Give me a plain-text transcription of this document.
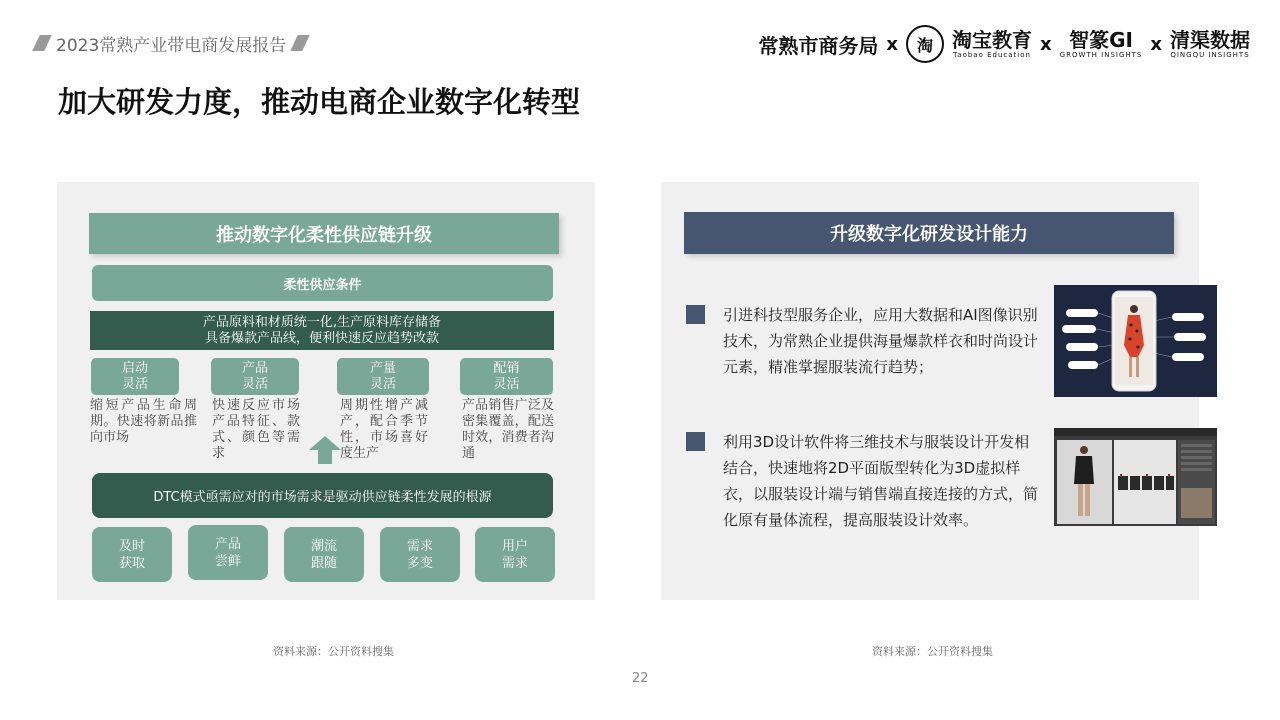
2023常熟产业带电商发展报告	常熟市商务局 x	淘 淘宝教育
Taobao Education x 智篆GI
GROWTH INSIGHTS x 清渠数据
QINGQU INSIGHTS
加大研发力度，推动电商企业数字化转型
推动数字化柔性供应链升级
柔性供应条件
产品原料和材质统一化,生产原料库存储备
具备爆款产品线，便利快速反应趋势改款
启动
灵活
产品
灵活
产量
灵活
配销
灵活
缩短产品生命周期。快速将新品推向市场
快速反应市场产品特征、款式、颜色等需求
周期性增产减产，配合季节性，市场喜好度生产
产品销售广泛及密集覆盖，配送时效，消费者沟通
DTC模式亟需应对的市场需求是驱动供应链柔性发展的根源
及时
获取
产品
尝鲜
潮流
跟随
需求
多变
用户
需求
资料来源：公开资料搜集
升级数字化研发设计能力
引进科技型服务企业，应用大数据和AI图像识别技术，为常熟企业提供海量爆款样衣和时尚设计元素，精准掌握服装流行趋势；
利用3D设计软件将三维技术与服装设计开发相结合，快速地将2D平面版型转化为3D虚拟样衣，以服装设计端与销售端直接连接的方式，简化原有量体流程，提高服装设计效率。
资料来源：公开资料搜集
22
